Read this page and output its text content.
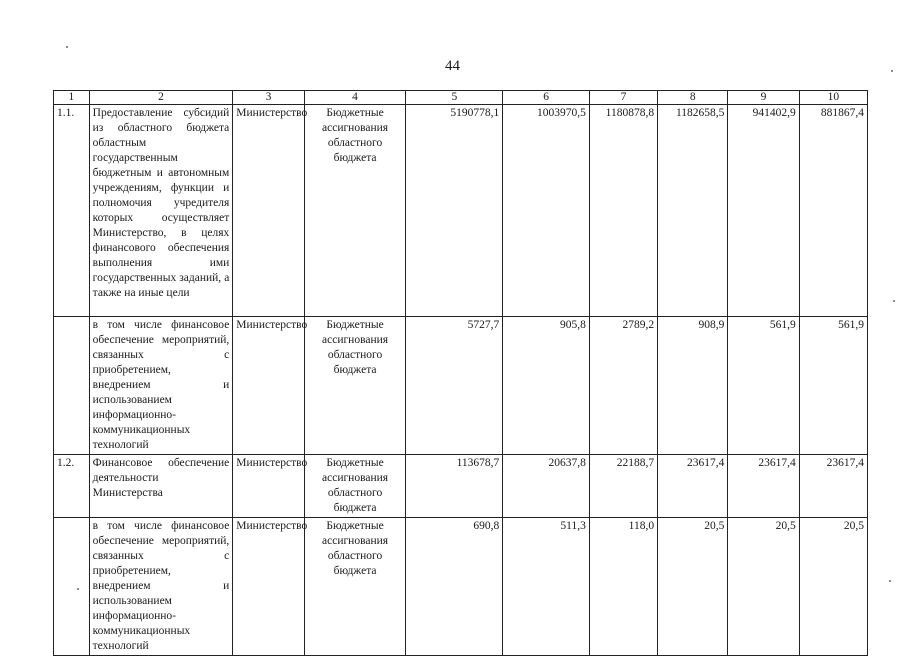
44
1	2	3	4	5	6	7	8	9	10
1.1.	Предоставление субсидий из областного бюджета областным государственным бюджетным и автономным учреждениям, функции и полномочия учредителя которых осуществляет Министерство, в целях финансового обеспечения выполнения ими государственных заданий, а также на иные цели	Министерство	Бюджетные ассигнования областного бюджета	5190778,1	1003970,5	1180878,8	1182658,5	941402,9	881867,4
	в том числе финансовое обеспечение мероприятий, связанных с приобретением, внедрением и использованием информационно-коммуникационных технологий	Министерство	Бюджетные ассигнования областного бюджета	5727,7	905,8	2789,2	908,9	561,9	561,9
1.2.	Финансовое обеспечение деятельности Министерства	Министерство	Бюджетные ассигнования областного бюджета	113678,7	20637,8	22188,7	23617,4	23617,4	23617,4
	в том числе финансовое обеспечение мероприятий, связанных с приобретением, внедрением и использованием информационно-коммуникационных технологий	Министерство	Бюджетные ассигнования областного бюджета	690,8	511,3	118,0	20,5	20,5	20,5
